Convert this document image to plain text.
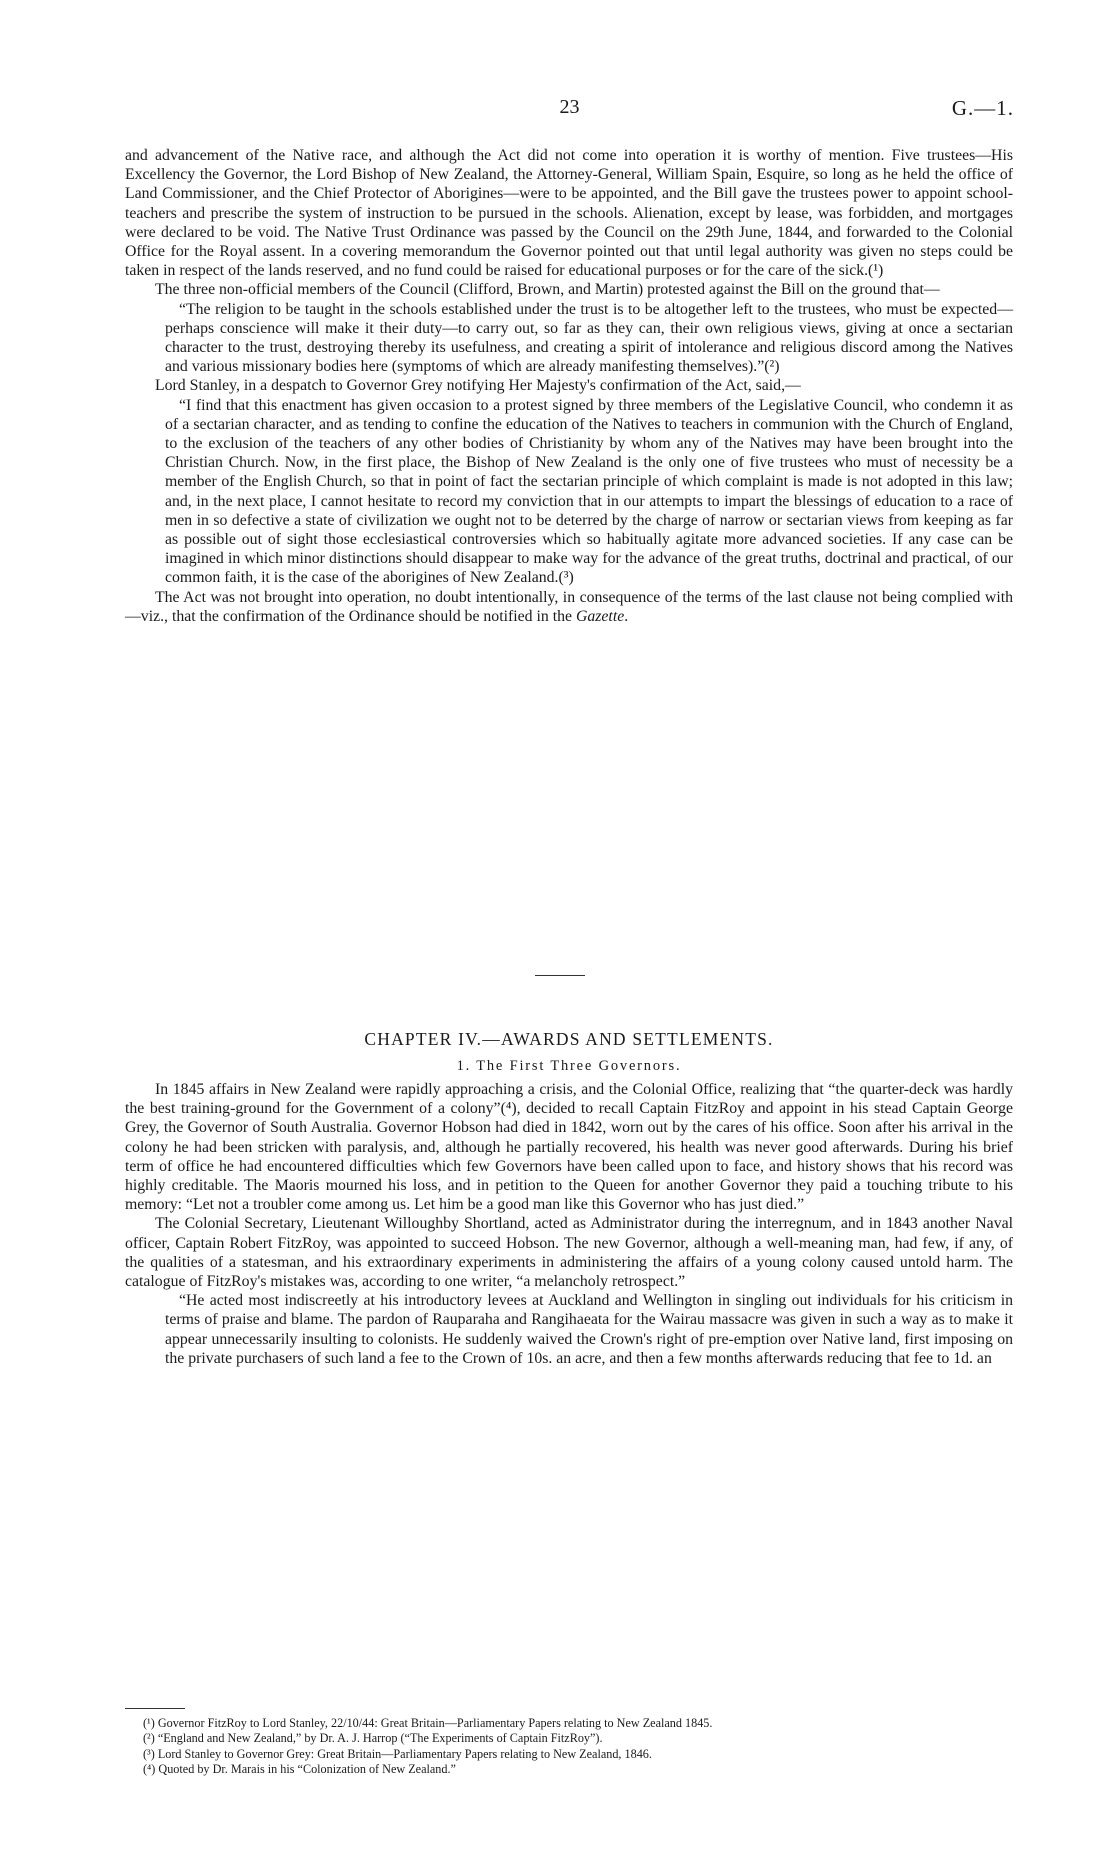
23	G.—1.

and advancement of the Native race, and although the Act did not come into operation it is worthy of mention. Five trustees—His Excellency the Governor, the Lord Bishop of New Zealand, the Attorney-General, William Spain, Esquire, so long as he held the office of Land Commissioner, and the Chief Protector of Aborigines—were to be appointed, and the Bill gave the trustees power to appoint school-teachers and prescribe the system of instruction to be pursued in the schools. Alienation, except by lease, was forbidden, and mortgages were declared to be void. The Native Trust Ordinance was passed by the Council on the 29th June, 1844, and forwarded to the Colonial Office for the Royal assent. In a covering memorandum the Governor pointed out that until legal authority was given no steps could be taken in respect of the lands reserved, and no fund could be raised for educational purposes or for the care of the sick.(¹)

The three non-official members of the Council (Clifford, Brown, and Martin) protested against the Bill on the ground that—

“The religion to be taught in the schools established under the trust is to be altogether left to the trustees, who must be expected—perhaps conscience will make it their duty—to carry out, so far as they can, their own religious views, giving at once a sectarian character to the trust, destroying thereby its usefulness, and creating a spirit of intolerance and religious discord among the Natives and various missionary bodies here (symptoms of which are already manifesting themselves).”(²)

Lord Stanley, in a despatch to Governor Grey notifying Her Majesty's confirmation of the Act, said,—

“I find that this enactment has given occasion to a protest signed by three members of the Legislative Council, who condemn it as of a sectarian character, and as tending to confine the education of the Natives to teachers in communion with the Church of England, to the exclusion of the teachers of any other bodies of Christianity by whom any of the Natives may have been brought into the Christian Church. Now, in the first place, the Bishop of New Zealand is the only one of five trustees who must of necessity be a member of the English Church, so that in point of fact the sectarian principle of which complaint is made is not adopted in this law; and, in the next place, I cannot hesitate to record my conviction that in our attempts to impart the blessings of education to a race of men in so defective a state of civilization we ought not to be deterred by the charge of narrow or sectarian views from keeping as far as possible out of sight those ecclesiastical controversies which so habitually agitate more advanced societies. If any case can be imagined in which minor distinctions should disappear to make way for the advance of the great truths, doctrinal and practical, of our common faith, it is the case of the aborigines of New Zealand.(³)

The Act was not brought into operation, no doubt intentionally, in consequence of the terms of the last clause not being complied with—viz., that the confirmation of the Ordinance should be notified in the Gazette.

CHAPTER IV.—AWARDS AND SETTLEMENTS.

1. The First Three Governors.

In 1845 affairs in New Zealand were rapidly approaching a crisis, and the Colonial Office, realizing that “the quarter-deck was hardly the best training-ground for the Government of a colony”(⁴), decided to recall Captain FitzRoy and appoint in his stead Captain George Grey, the Governor of South Australia. Governor Hobson had died in 1842, worn out by the cares of his office. Soon after his arrival in the colony he had been stricken with paralysis, and, although he partially recovered, his health was never good afterwards. During his brief term of office he had encountered difficulties which few Governors have been called upon to face, and history shows that his record was highly creditable. The Maoris mourned his loss, and in petition to the Queen for another Governor they paid a touching tribute to his memory: “Let not a troubler come among us. Let him be a good man like this Governor who has just died.”

The Colonial Secretary, Lieutenant Willoughby Shortland, acted as Administrator during the interregnum, and in 1843 another Naval officer, Captain Robert FitzRoy, was appointed to succeed Hobson. The new Governor, although a well-meaning man, had few, if any, of the qualities of a statesman, and his extraordinary experiments in administering the affairs of a young colony caused untold harm. The catalogue of FitzRoy's mistakes was, according to one writer, “a melancholy retrospect.”

“He acted most indiscreetly at his introductory levees at Auckland and Wellington in singling out individuals for his criticism in terms of praise and blame. The pardon of Rauparaha and Rangihaeata for the Wairau massacre was given in such a way as to make it appear unnecessarily insulting to colonists. He suddenly waived the Crown's right of pre-emption over Native land, first imposing on the private purchasers of such land a fee to the Crown of 10s. an acre, and then a few months afterwards reducing that fee to 1d. an

(¹) Governor FitzRoy to Lord Stanley, 22/10/44: Great Britain—Parliamentary Papers relating to New Zealand 1845.

(²) “England and New Zealand,” by Dr. A. J. Harrop (“The Experiments of Captain FitzRoy”).

(³) Lord Stanley to Governor Grey: Great Britain—Parliamentary Papers relating to New Zealand, 1846.

(⁴) Quoted by Dr. Marais in his “Colonization of New Zealand.”
